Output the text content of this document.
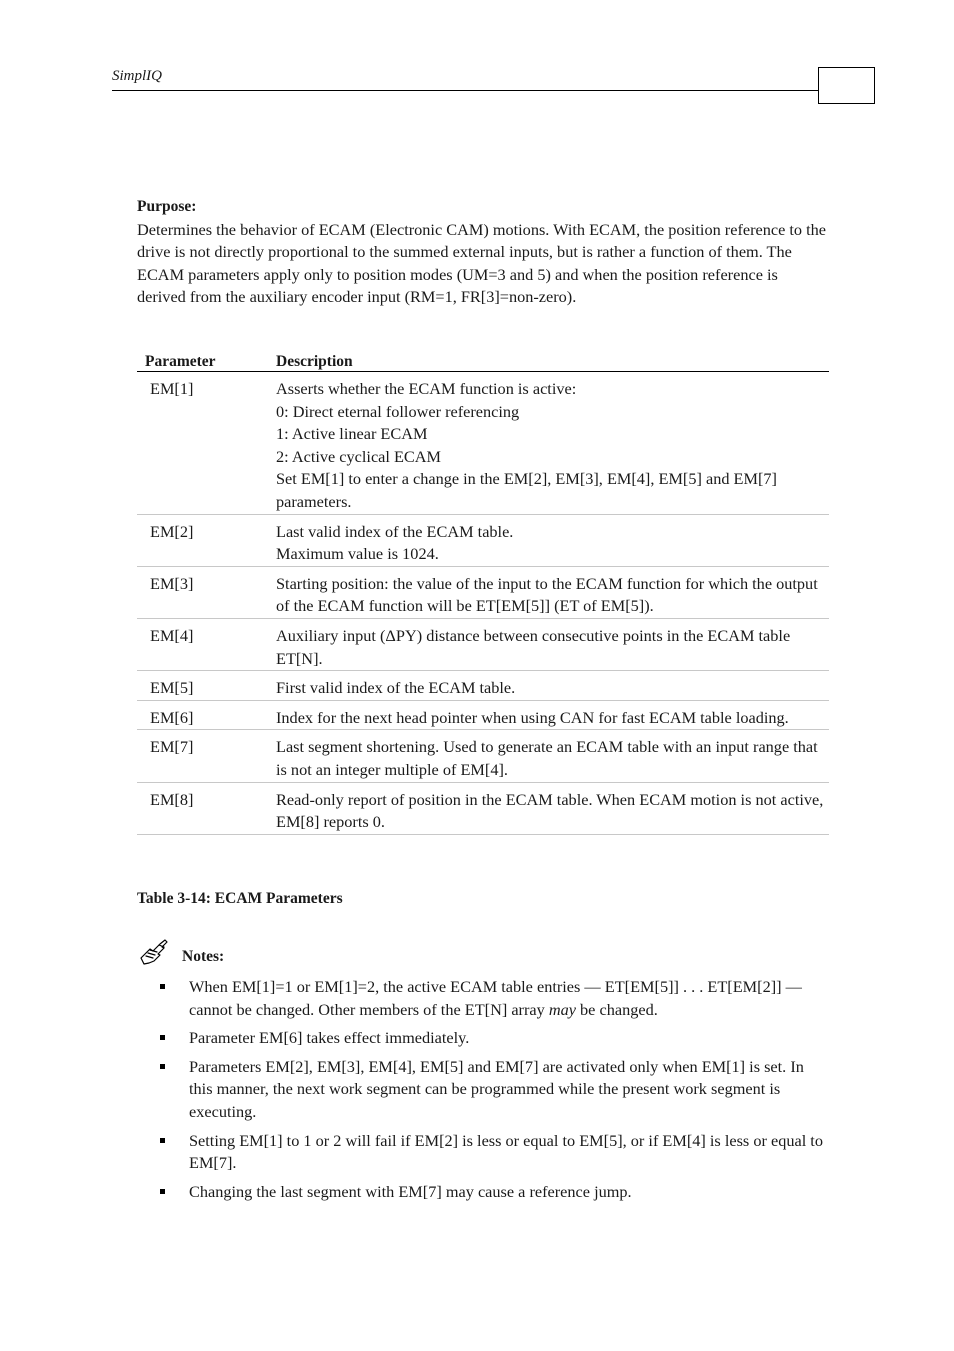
SimplIQ
Purpose:
Determines the behavior of ECAM (Electronic CAM) motions. With ECAM, the position reference to the drive is not directly proportional to the summed external inputs, but is rather a function of them. The ECAM parameters apply only to position modes (UM=3 and 5) and when the position reference is derived from the auxiliary encoder input (RM=1, FR[3]=non-zero).
Parameter	Description
EM[1]	Asserts whether the ECAM function is active:
0: Direct eternal follower referencing
1: Active linear ECAM
2: Active cyclical ECAM
Set EM[1] to enter a change in the EM[2], EM[3], EM[4], EM[5] and EM[7] parameters.

EM[2]	Last valid index of the ECAM table.
Maximum value is 1024.

EM[3]	Starting position: the value of the input to the ECAM function for which the output of the ECAM function will be ET[EM[5]] (ET of EM[5]).

EM[4]	Auxiliary input (ΔPY) distance between consecutive points in the ECAM table ET[N].

EM[5]	First valid index of the ECAM table.

EM[6]	Index for the next head pointer when using CAN for fast ECAM table loading.

EM[7]	Last segment shortening. Used to generate an ECAM table with an input range that is not an integer multiple of EM[4].

EM[8]	Read-only report of position in the ECAM table. When ECAM motion is not active, EM[8] reports 0.
Table 3-14: ECAM Parameters
Notes:
When EM[1]=1 or EM[1]=2, the active ECAM table entries — ET[EM[5]] . . . ET[EM[2]] — cannot be changed. Other members of the ET[N] array may be changed.
Parameter EM[6] takes effect immediately.
Parameters EM[2], EM[3], EM[4], EM[5] and EM[7] are activated only when EM[1] is set. In this manner, the next work segment can be programmed while the present work segment is executing.
Setting EM[1] to 1 or 2 will fail if EM[2] is less or equal to EM[5], or if EM[4] is less or equal to EM[7].
Changing the last segment with EM[7] may cause a reference jump.
